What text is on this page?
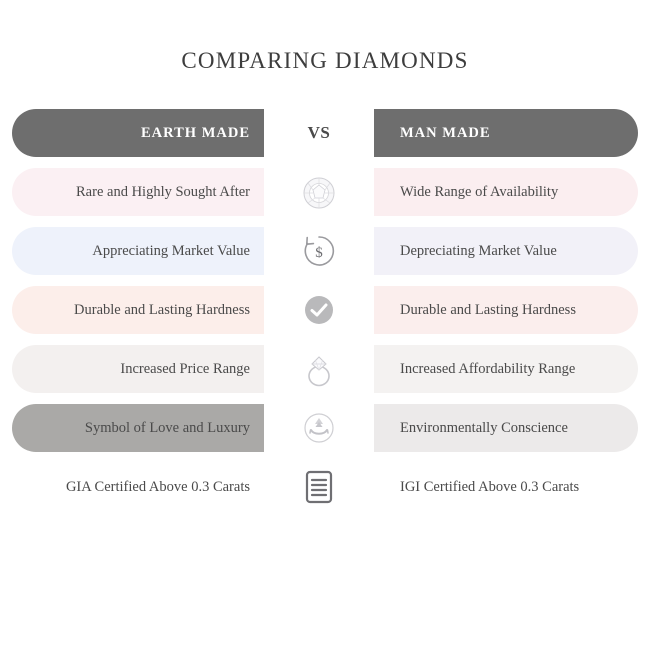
COMPARING DIAMONDS
EARTH MADE	VS	MAN MADE
Rare and Highly Sought After	Wide Range of Availability
Appreciating Market Value	$	Depreciating Market Value
Durable and Lasting Hardness	Durable and Lasting Hardness
Increased Price Range	Increased Affordability Range
Symbol of Love and Luxury	Environmentally Conscience
GIA Certified Above 0.3 Carats	IGI Certified Above 0.3 Carats
